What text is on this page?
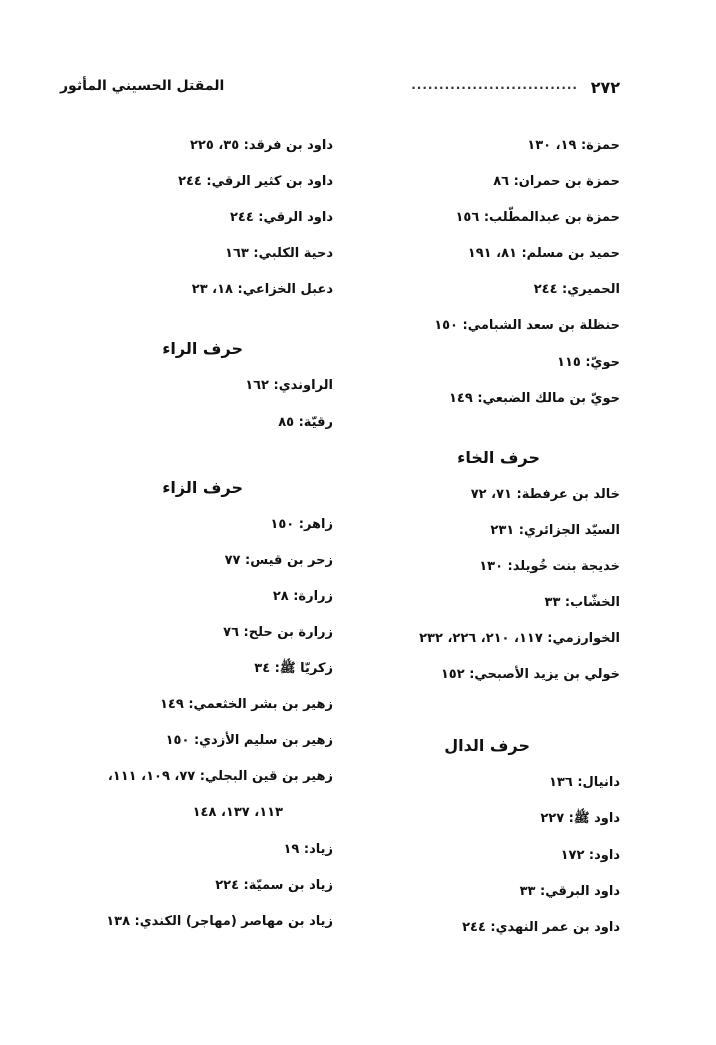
٢٧٢
..............................
المقتل الحسيني المأثور
حمزة: ١٩، ١٣٠
حمزة بن حمران: ٨٦
حمزة بن عبدالمطّلب: ١٥٦
حميد بن مسلم: ٨١، ١٩١
الحميري: ٢٤٤
حنظلة بن سعد الشبامي: ١٥٠
حويّ: ١١٥
حويّ بن مالك الضبعي: ١٤٩
حرف الخاء
خالد بن عرفطة: ٧١، ٧٢
السيّد الجزائري: ٢٣١
خديجة بنت خُويلد: ١٣٠
الخشّاب: ٣٣
الخوارزمي: ١١٧، ٢١٠، ٢٢٦، ٢٣٢
خولي بن يزيد الأصبحي: ١٥٢
حرف الدال
دانيال: ١٣٦
داود ﷺ: ٢٢٧
داود: ١٧٢
داود البرقي: ٣٣
داود بن عمر النهدي: ٢٤٤
داود بن فرقد: ٣٥، ٢٢٥
داود بن كثير الرقي: ٢٤٤
داود الرقي: ٢٤٤
دحية الكلبي: ١٦٣
دعبل الخزاعي: ١٨، ٢٣
حرف الراء
الراوندي: ١٦٢
رقيّة: ٨٥
حرف الزاء
زاهر: ١٥٠
زحر بن قيس: ٧٧
زرارة: ٢٨
زرارة بن حلح: ٧٦
زكريّا ﷺ: ٣٤
زهير بن بشر الخثعمي: ١٤٩
زهير بن سليم الأزدي: ١٥٠
زهير بن قين البجلي: ٧٧، ١٠٩، ١١١،
١١٣، ١٣٧، ١٤٨
زياد: ١٩
زياد بن سميّة: ٢٢٤
زياد بن مهاصر (مهاجر) الكندي: ١٣٨
